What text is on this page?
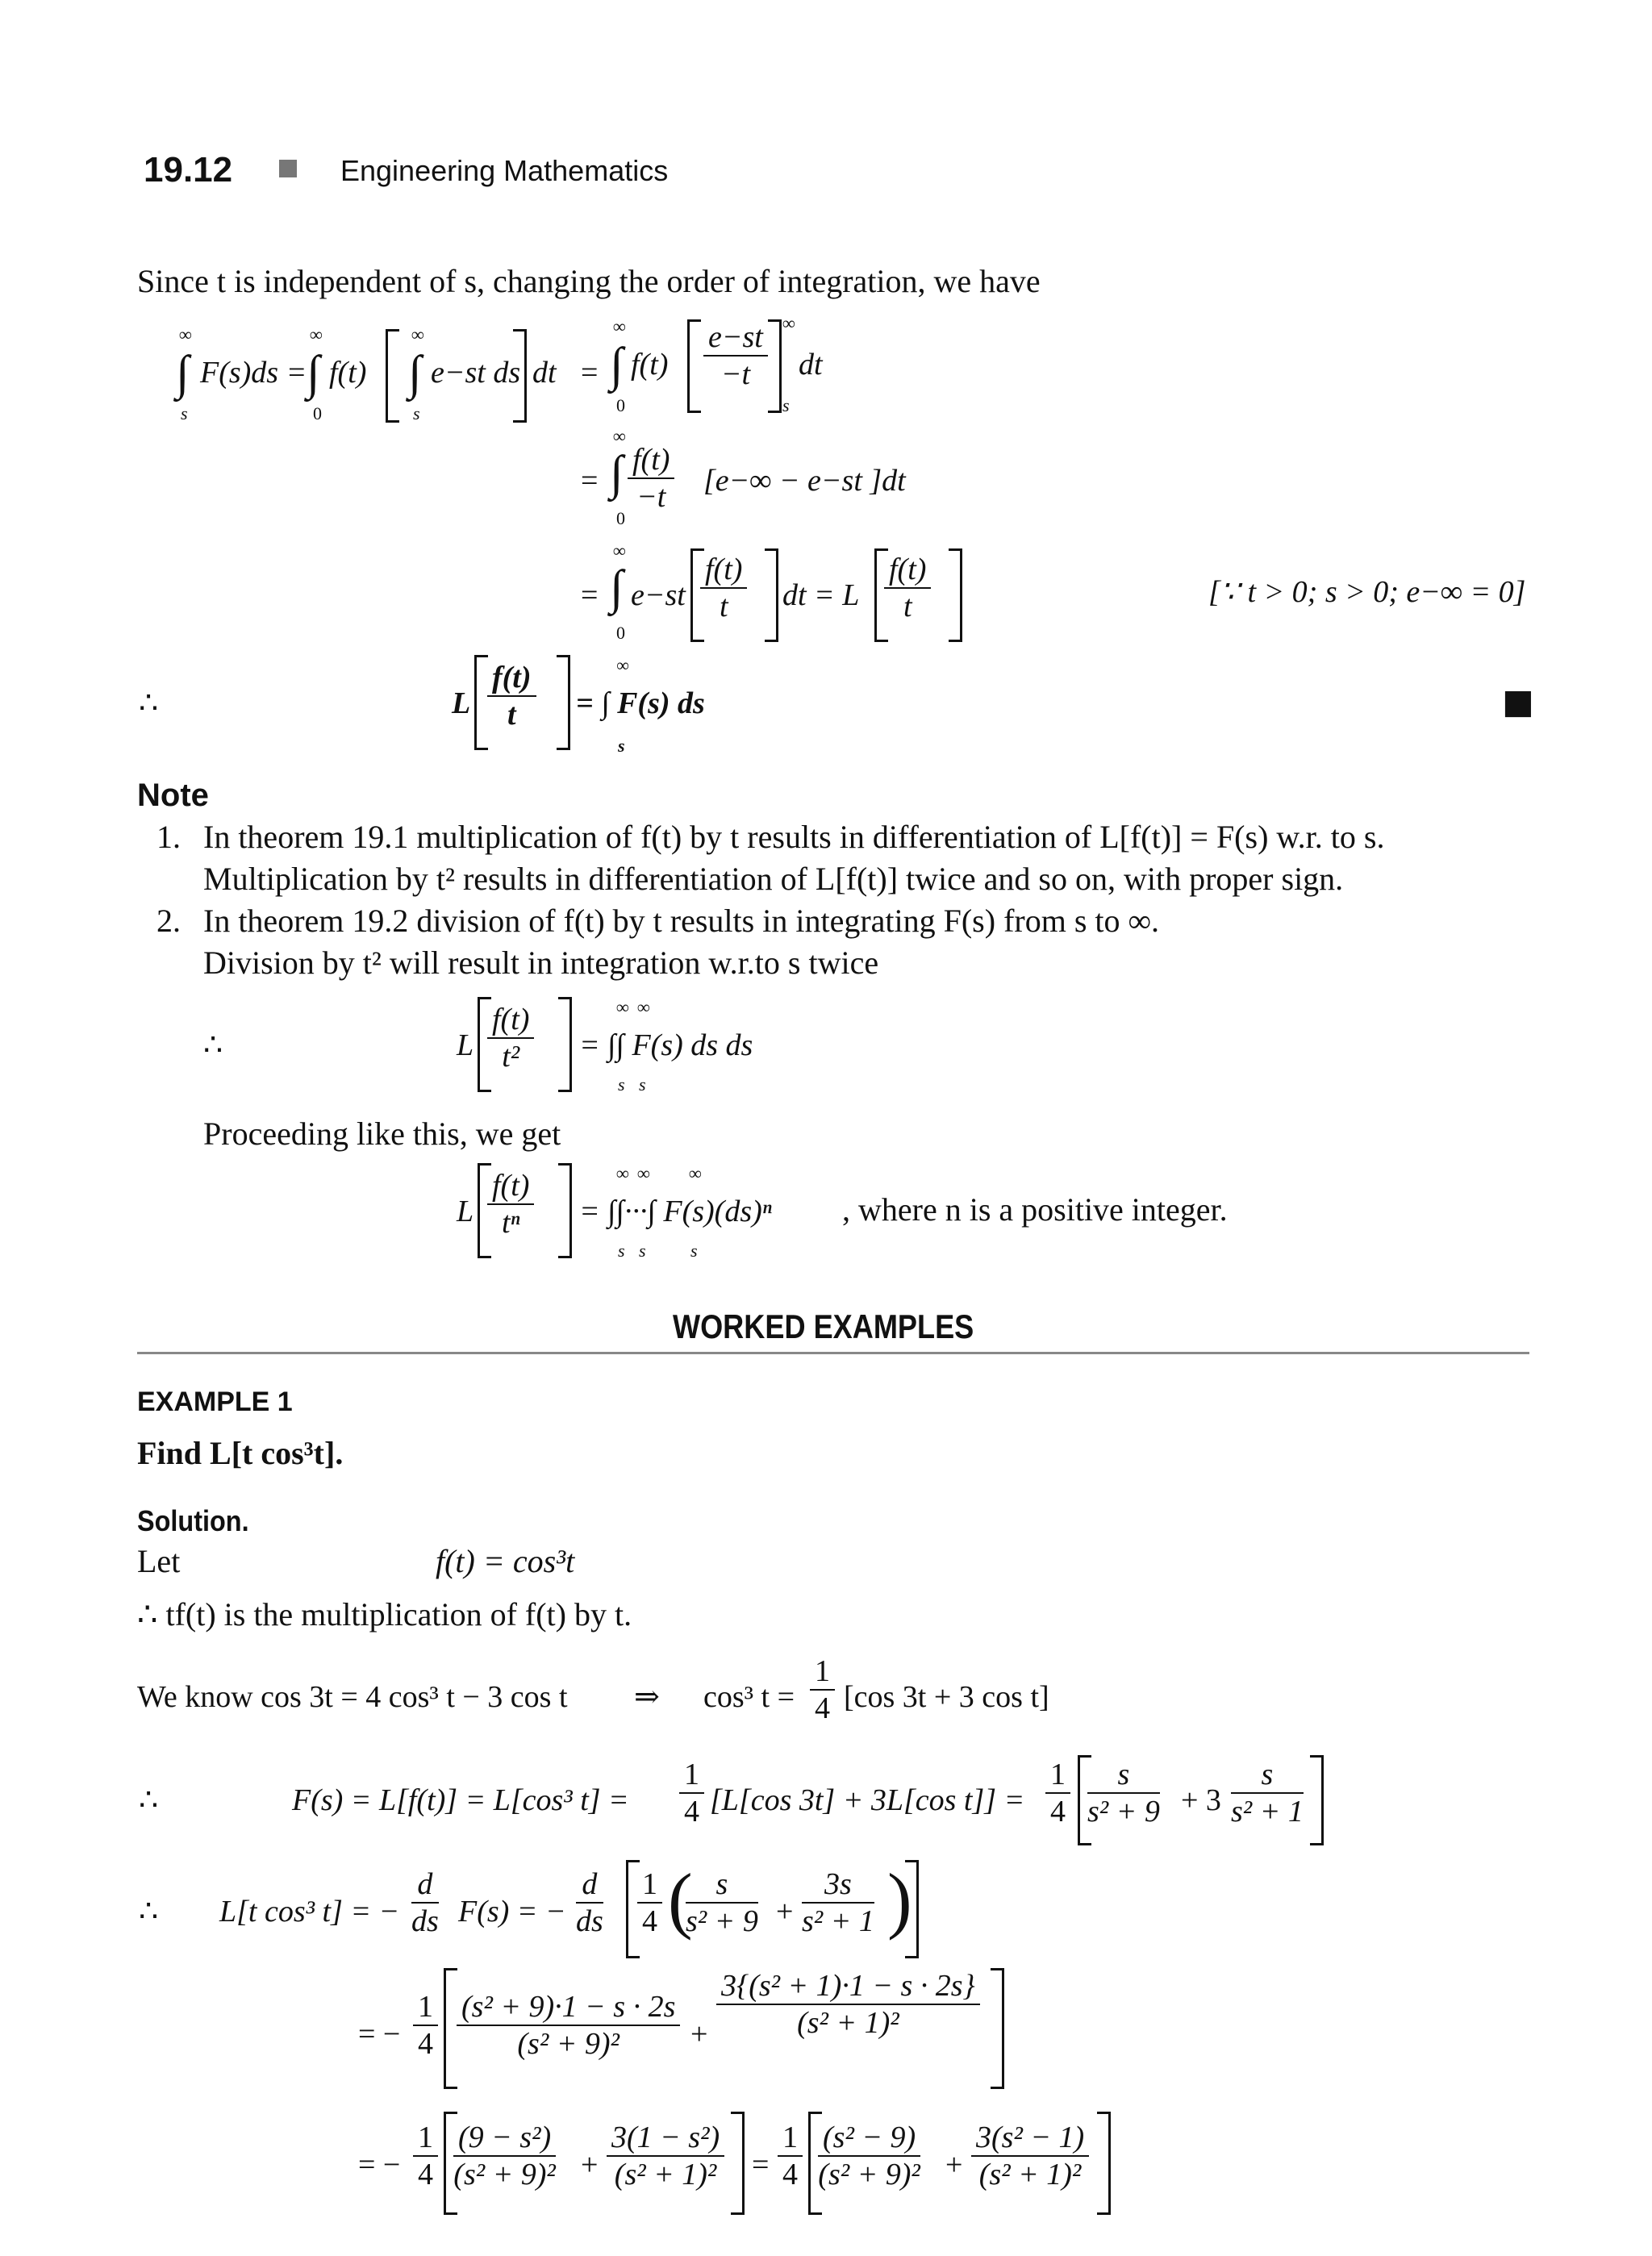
19.12	Engineering Mathematics
Since t is independent of s, changing the order of integration, we have
∫
∞
s
F(s)ds = ∫
∞
0
f(t) ∫
∞
s
e−st ds dt = ∫
∞
0
$f(t) \frac{e-st}{-t}$ ∞
s
dt
= ∫
∞
0
$\frac{f(t)}{-t} [e-\infty - e-st$ ]dt
= ∫
∞
0
$e-st \frac{f(t)}{t}$ dt = L $\frac{f(t)}{t}$	[∵ t > 0; s > 0; e−∞ = 0]
∴	L $\frac{f(t)}{t}$ = ∫ F(s) ds
∞
s
■
Note
1. In theorem 19.1 multiplication of f(t) by t results in differentiation of L[f(t)] = F(s) w.r. to s.
Multiplication by t² results in differentiation of L[f(t)] twice and so on, with proper sign.
2. In theorem 19.2 division of f(t) by t results in integrating F(s) from s to ∞.
Division by t² will result in integration w.r.to s twice
∴	L $\frac{f(t)}{\text{t²}}$ = ∫∫ F(s) ds ds
∞ ∞
s s
Proceeding like this, we get
L $\frac{f(t)}{\text{tⁿ}}$ = ∫∫···∫ F(s)(ds)ⁿ
∞ ∞ ∞
s s	s
, where n is a positive integer.
WORKED EXAMPLES
EXAMPLE 1
Find L[t cos³t].
Solution.
Let	f(t) = cos³t
∴ tf(t) is the multiplication of f(t) by t.
We know cos 3t = 4 cos³ t − 3 cos t ⇒ cos³ $t = \frac{1}{4} [\cos$ 3t + 3 cos t]
∴	F(s) = L[f(t)] = L[cos³ $t] = \frac{1}{4} [L[\cos$ 3t] + 3L[cos $t]] = \frac{1}{4} \frac{s}{\text{s² + 9}} + 3 \frac{s}{\text{s² + 1}}$
∴ L[t cos³ t] = − $\frac{d}{ds} F(s)$ = − $\frac{d}{ds} \frac{1}{4}$ (
$\frac{s}{\text{s² + 9}} + \frac{3s}{\text{s² + 1}}$ )
= − $\frac{1}{4} \frac{\text{(s² + 9)·1 − s · 2s}}{\text{(s² + 9)²}} + \frac{\text{3\{(s² + 1)·1 − s · 2s\}}}{\text{(s² + 1)²}}$
= − $\frac{1}{4} \frac{\text{(9 − s²)}}{\text{(s² + 9)²}} + \frac{\text{3(1 − s²)}}{\text{(s² + 1)²}} = \frac{1}{4} \frac{\text{(s² − 9)}}{\text{(s² + 9)²}} + \frac{\text{3(s² − 1)}}{\text{(s² + 1)²}}$
